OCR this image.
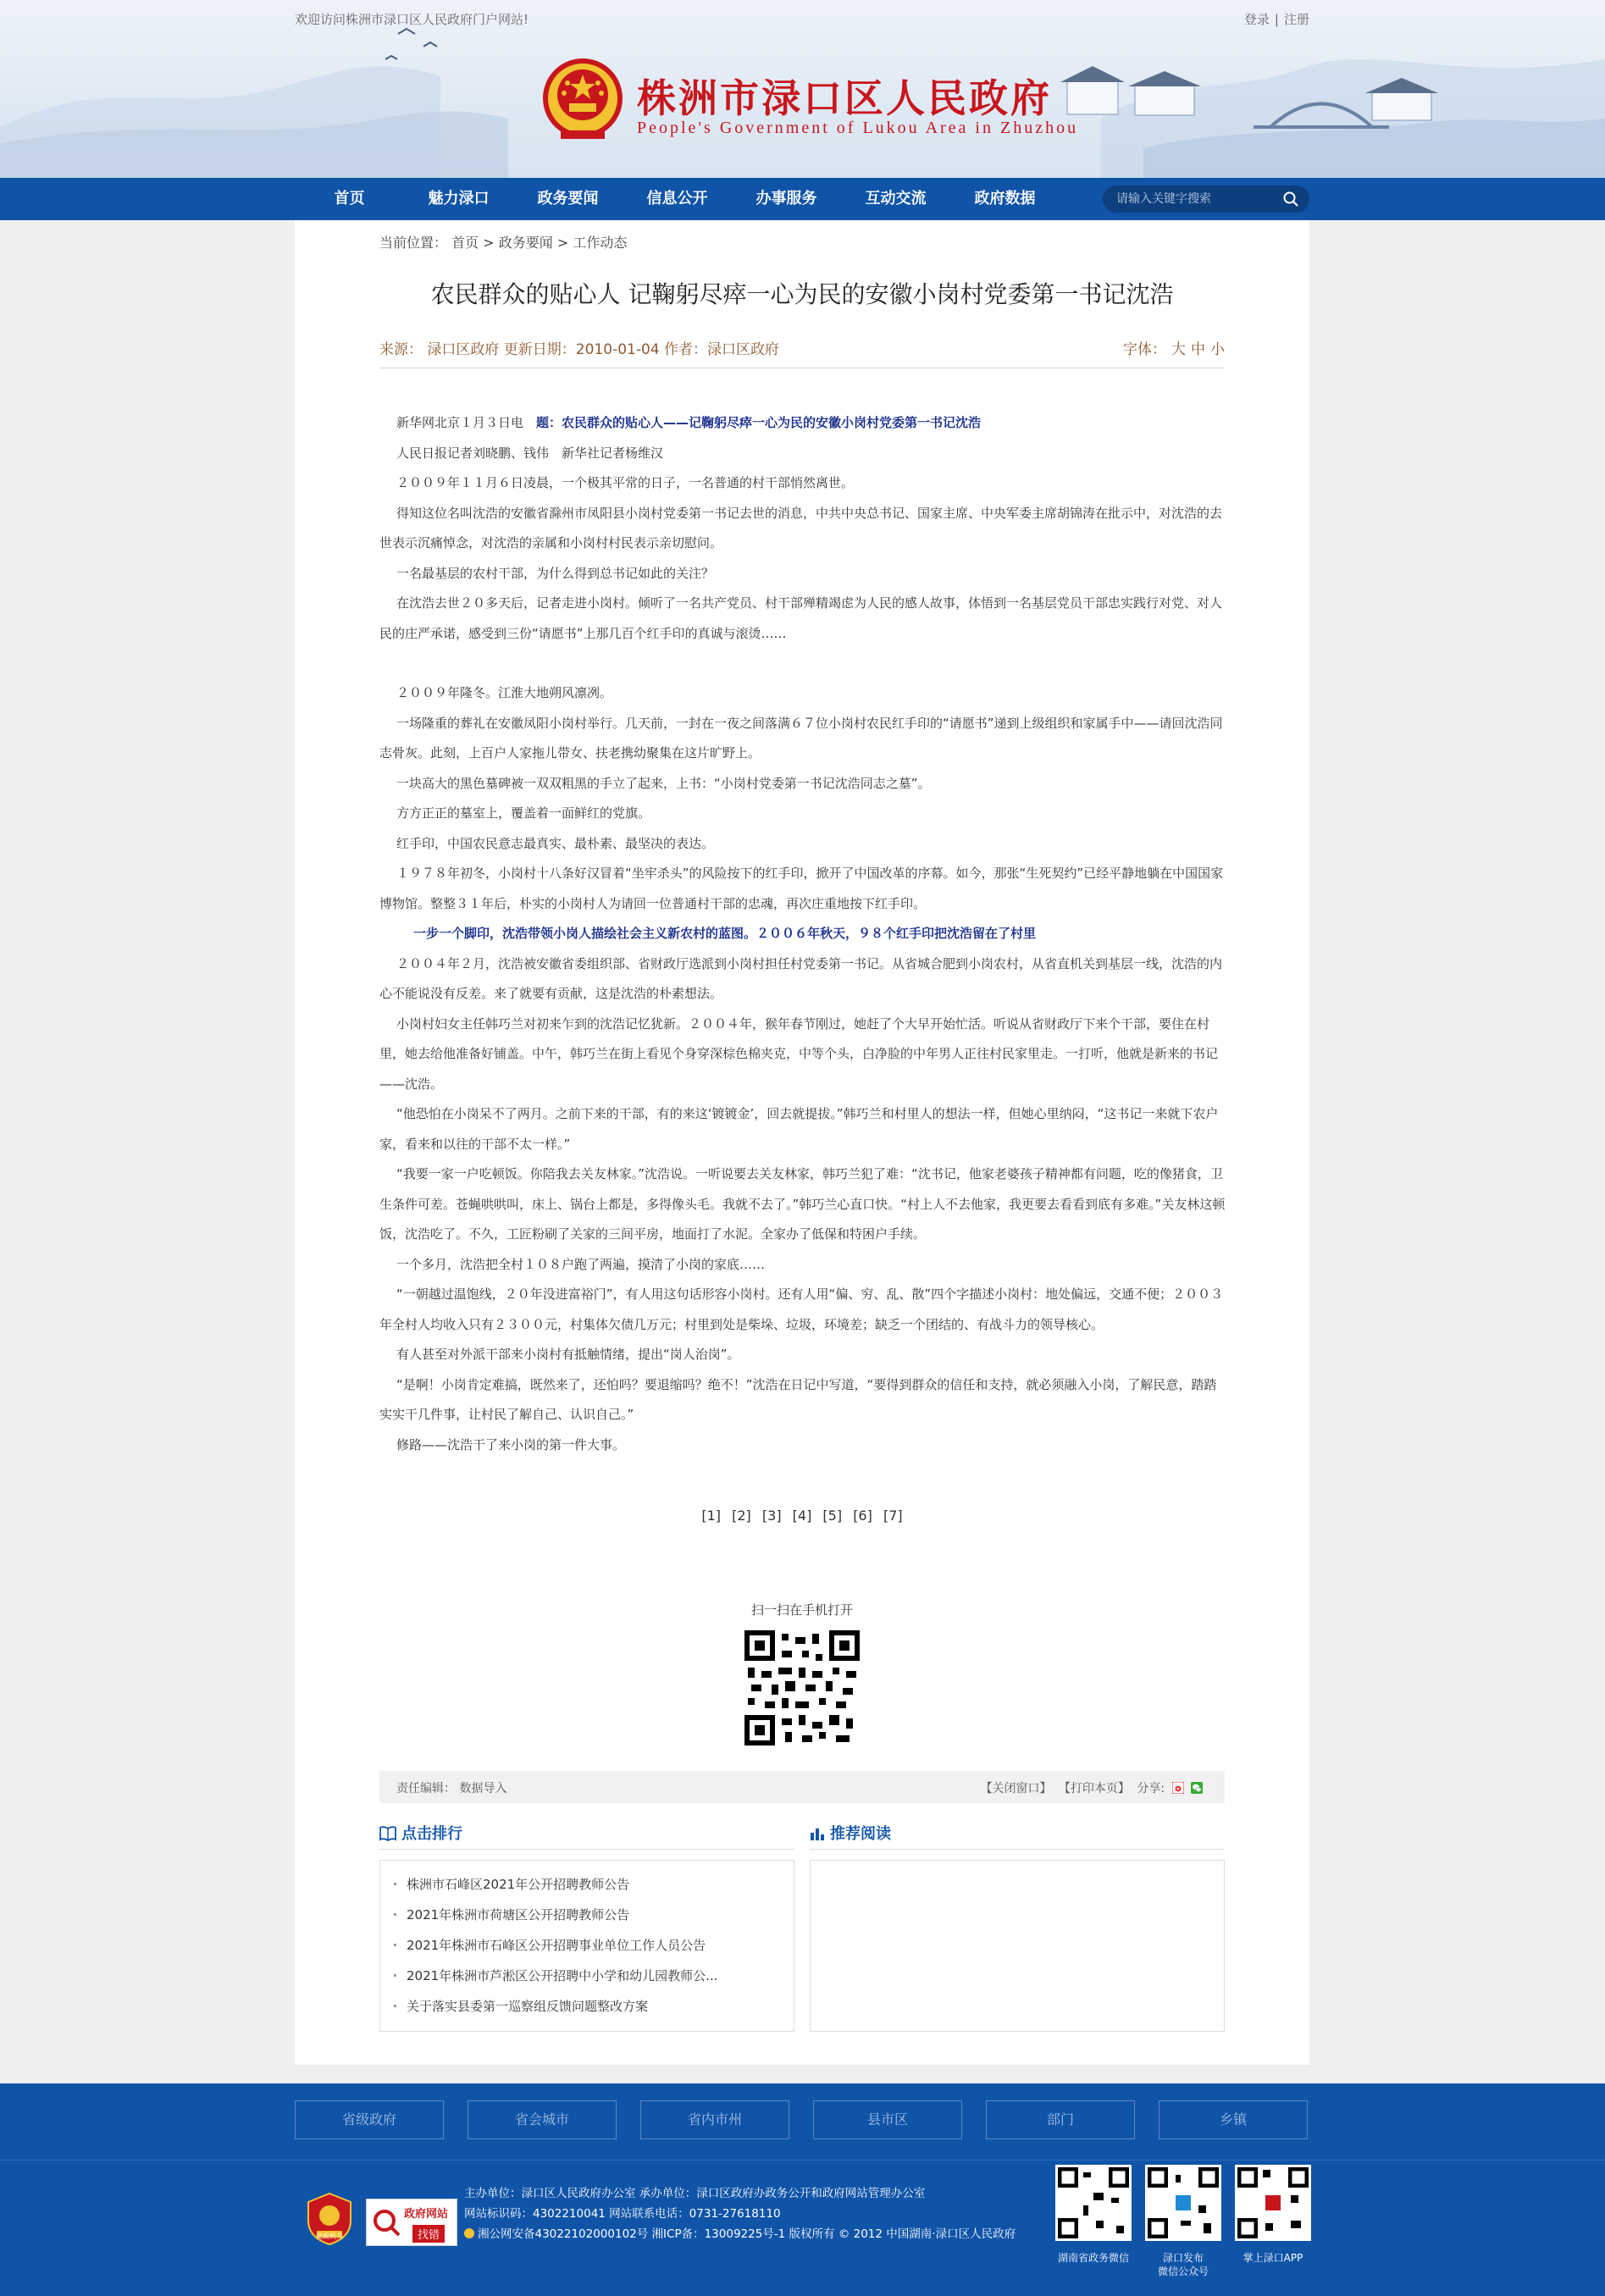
欢迎访问株洲市渌口区人民政府门户网站!	登录 | 注册
株洲市渌口区人民政府
People's Government of Lukou Area in Zhuzhou
首页	魅力渌口	政务要闻	信息公开	办事服务	互动交流	政府数据
请输入关键字搜索
当前位置： 首页 > 政务要闻 > 工作动态
农民群众的贴心人 记鞠躬尽瘁一心为民的安徽小岗村党委第一书记沈浩
来源： 渌口区政府 更新日期：2010-01-04 作者：渌口区政府	字体： 大 中 小

新华网北京１月３日电　题：农民群众的贴心人——记鞠躬尽瘁一心为民的安徽小岗村党委第一书记沈浩

人民日报记者刘晓鹏、钱伟　新华社记者杨维汉

２００９年１１月６日凌晨，一个极其平常的日子，一名普通的村干部悄然离世。

得知这位名叫沈浩的安徽省滁州市凤阳县小岗村党委第一书记去世的消息，中共中央总书记、国家主席、中央军委主席胡锦涛在批示中，对沈浩的去世表示沉痛悼念，对沈浩的亲属和小岗村村民表示亲切慰问。

一名最基层的农村干部，为什么得到总书记如此的关注？

在沈浩去世２０多天后，记者走进小岗村。倾听了一名共产党员、村干部殚精竭虑为人民的感人故事，体悟到一名基层党员干部忠实践行对党、对人民的庄严承诺，感受到三份“请愿书”上那几百个红手印的真诚与滚烫……

２００９年隆冬。江淮大地朔风凛冽。

一场隆重的葬礼在安徽凤阳小岗村举行。几天前，一封在一夜之间落满６７位小岗村农民红手印的“请愿书”递到上级组织和家属手中——请回沈浩同志骨灰。此刻，上百户人家拖儿带女、扶老携幼聚集在这片旷野上。

一块高大的黑色墓碑被一双双粗黑的手立了起来，上书：“小岗村党委第一书记沈浩同志之墓”。

方方正正的墓室上，覆盖着一面鲜红的党旗。

红手印，中国农民意志最真实、最朴素、最坚决的表达。

１９７８年初冬，小岗村十八条好汉冒着“坐牢杀头”的风险按下的红手印，掀开了中国改革的序幕。如今，那张“生死契约”已经平静地躺在中国国家博物馆。整整３１年后，朴实的小岗村人为请回一位普通村干部的忠魂，再次庄重地按下红手印。

一步一个脚印，沈浩带领小岗人描绘社会主义新农村的蓝图。２００６年秋天，９８个红手印把沈浩留在了村里

２００４年２月，沈浩被安徽省委组织部、省财政厅选派到小岗村担任村党委第一书记。从省城合肥到小岗农村，从省直机关到基层一线，沈浩的内心不能说没有反差。来了就要有贡献，这是沈浩的朴素想法。

小岗村妇女主任韩巧兰对初来乍到的沈浩记忆犹新。２００４年，猴年春节刚过，她赶了个大早开始忙活。听说从省财政厅下来个干部，要住在村里，她去给他准备好铺盖。中午，韩巧兰在街上看见个身穿深棕色棉夹克，中等个头，白净脸的中年男人正往村民家里走。一打听，他就是新来的书记——沈浩。

“他恐怕在小岗呆不了两月。之前下来的干部，有的来这‘镀镀金’，回去就提拔。”韩巧兰和村里人的想法一样，但她心里纳闷，“这书记一来就下农户家，看来和以往的干部不太一样。”

“我要一家一户吃顿饭。你陪我去关友林家。”沈浩说。一听说要去关友林家，韩巧兰犯了难：“沈书记，他家老婆孩子精神都有问题，吃的像猪食，卫生条件可差。苍蝇哄哄叫，床上、锅台上都是，多得像头毛。我就不去了。”韩巧兰心直口快。“村上人不去他家，我更要去看看到底有多难。”关友林这顿饭，沈浩吃了。不久，工匠粉刷了关家的三间平房，地面打了水泥。全家办了低保和特困户手续。

一个多月，沈浩把全村１０８户跑了两遍，摸清了小岗的家底……

“一朝越过温饱线，２０年没进富裕门”，有人用这句话形容小岗村。还有人用“偏、穷、乱、散”四个字描述小岗村：地处偏远，交通不便；２００３年全村人均收入只有２３００元，村集体欠债几万元；村里到处是柴垛、垃圾，环境差；缺乏一个团结的、有战斗力的领导核心。

有人甚至对外派干部来小岗村有抵触情绪，提出“岗人治岗”。

“是啊！小岗肯定难搞，既然来了，还怕吗？要退缩吗？绝不！”沈浩在日记中写道，“要得到群众的信任和支持，就必须融入小岗，了解民意，踏踏实实干几件事，让村民了解自己、认识自己。”

修路——沈浩干了来小岗的第一件大事。

[1] [2] [3] [4] [5] [6] [7]
扫一扫在手机打开
责任编辑： 数据导入	【关闭窗口】 【打印本页】 分享:
点击排行
株洲市石峰区2021年公开招聘教师公告
2021年株洲市荷塘区公开招聘教师公告
2021年株洲市石峰区公开招聘事业单位工作人员公告
2021年株洲市芦淞区公开招聘中小学和幼儿园教师公...
关于落实县委第一巡察组反馈问题整改方案
推荐阅读
省级政府	省会城市	省内市州	县市区	部门	乡镇
党政机关
政府网站
找错
主办单位：渌口区人民政府办公室 承办单位：渌口区政府办政务公开和政府网站管理办公室
网站标识码：4302210041 网站联系电话：0731-27618110
湘公网安备43022102000102号 湘ICP备：13009225号-1 版权所有 © 2012 中国湖南·渌口区人民政府
湖南省政务微信	渌口发布
微信公众号
掌上渌口APP
